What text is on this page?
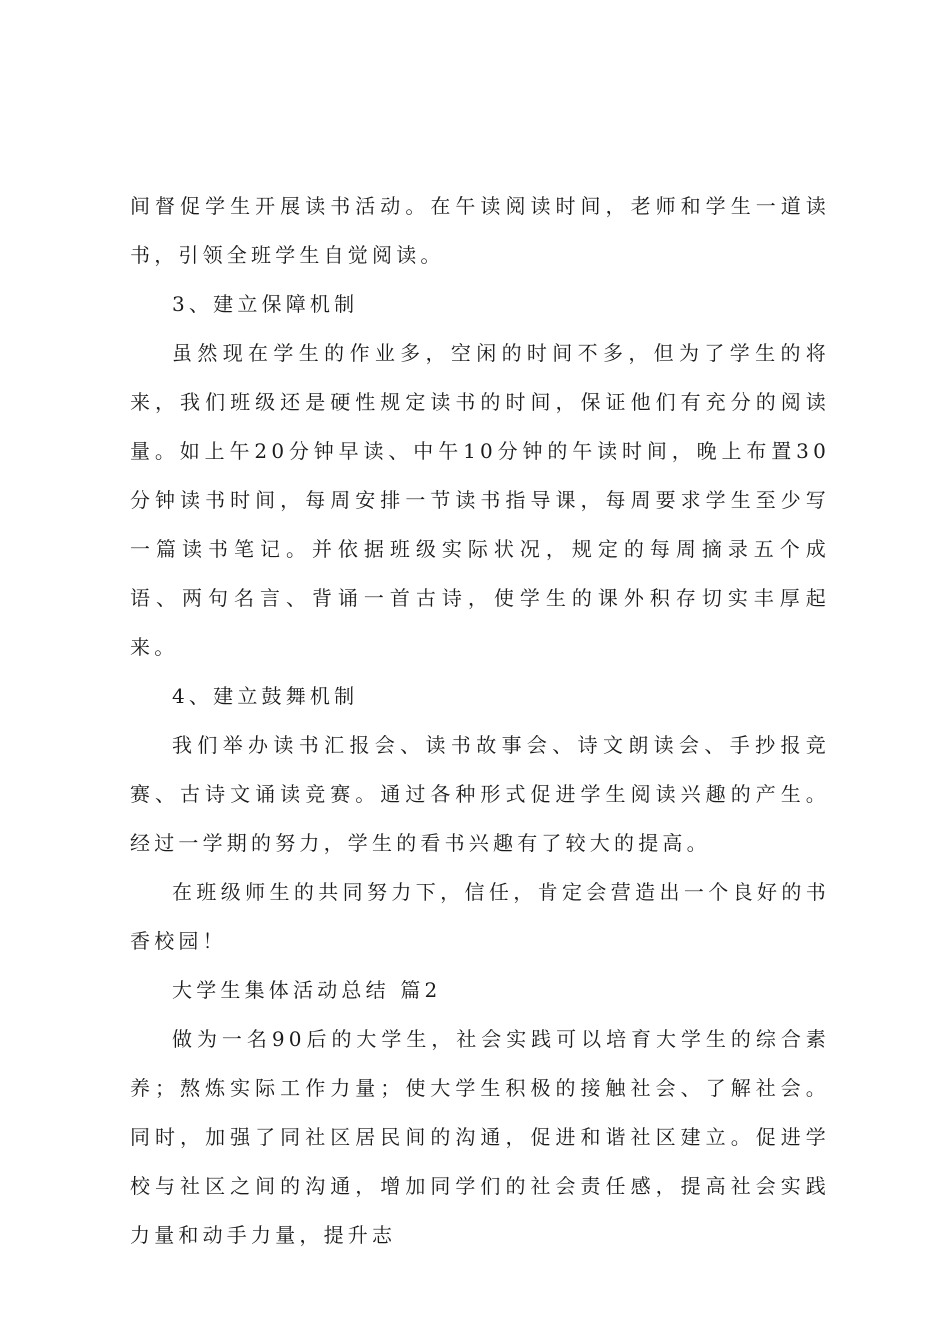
间督促学生开展读书活动。在午读阅读时间，老师和学生一道读书，引领全班学生自觉阅读。

3、建立保障机制

虽然现在学生的作业多，空闲的时间不多，但为了学生的将来，我们班级还是硬性规定读书的时间，保证他们有充分的阅读量。如上午20分钟早读、中午10分钟的午读时间，晚上布置30分钟读书时间，每周安排一节读书指导课，每周要求学生至少写一篇读书笔记。并依据班级实际状况，规定的每周摘录五个成语、两句名言、背诵一首古诗，使学生的课外积存切实丰厚起来。

4、建立鼓舞机制

我们举办读书汇报会、读书故事会、诗文朗读会、手抄报竞赛、古诗文诵读竞赛。通过各种形式促进学生阅读兴趣的产生。经过一学期的努力，学生的看书兴趣有了较大的提高。

在班级师生的共同努力下，信任，肯定会营造出一个良好的书香校园！

大学生集体活动总结 篇2

做为一名90后的大学生，社会实践可以培育大学生的综合素养；熬炼实际工作力量；使大学生积极的接触社会、了解社会。同时，加强了同社区居民间的沟通，促进和谐社区建立。促进学校与社区之间的沟通，增加同学们的社会责任感，提高社会实践力量和动手力量，提升志
